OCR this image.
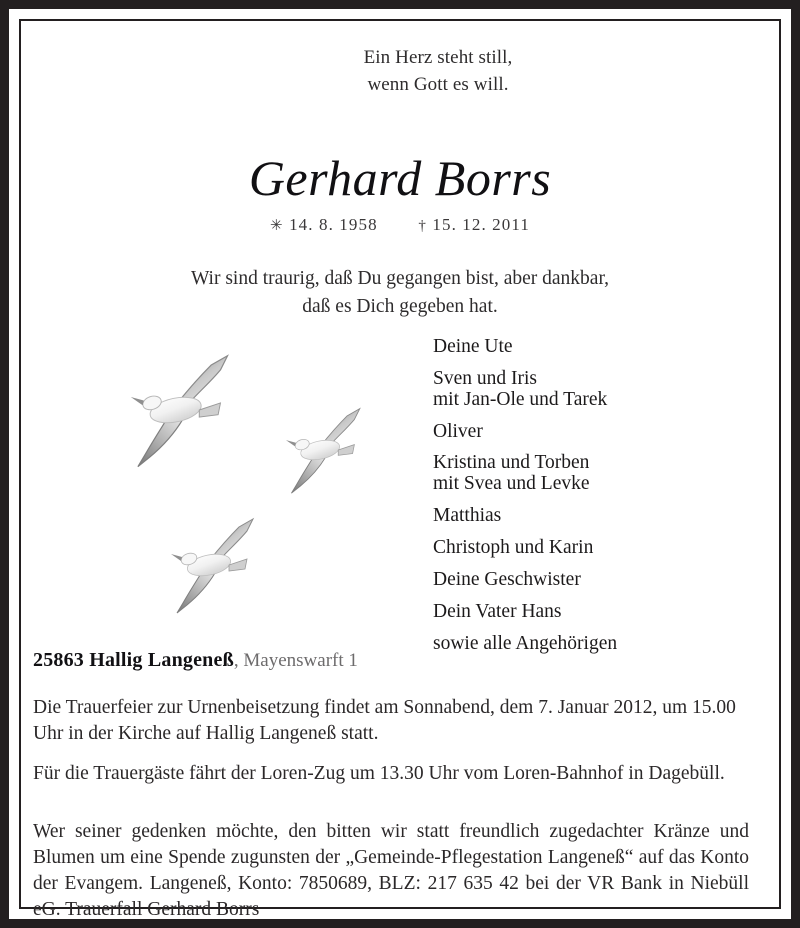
Ein Herz steht still,
wenn Gott es will.
Gerhard Borrs
✳ 14. 8. 1958	† 15. 12. 2011
Wir sind traurig, daß Du gegangen bist, aber dankbar,
daß es Dich gegeben hat.
Deine Ute
Sven und Iris
mit Jan-Ole und Tarek
Oliver
Kristina und Torben
mit Svea und Levke
Matthias
Christoph und Karin
Deine Geschwister
Dein Vater Hans
sowie alle Angehörigen
25863 Hallig Langeneß, Mayenswarft 1
Die Trauerfeier zur Urnenbeisetzung findet am Sonnabend, dem 7. Januar 2012, um 15.00 Uhr in der Kirche auf Hallig Langeneß statt.
Für die Trauergäste fährt der Loren-Zug um 13.30 Uhr vom Loren-Bahnhof in Dagebüll.
Wer seiner gedenken möchte, den bitten wir statt freundlich zugedachter Kränze und Blumen um eine Spende zugunsten der „Gemeinde-Pflegestation Langeneß“ auf das Konto der Evangem. Langeneß, Konto: 7850689, BLZ: 217 635 42 bei der VR Bank in Niebüll eG. Trauerfall Gerhard Borrs
